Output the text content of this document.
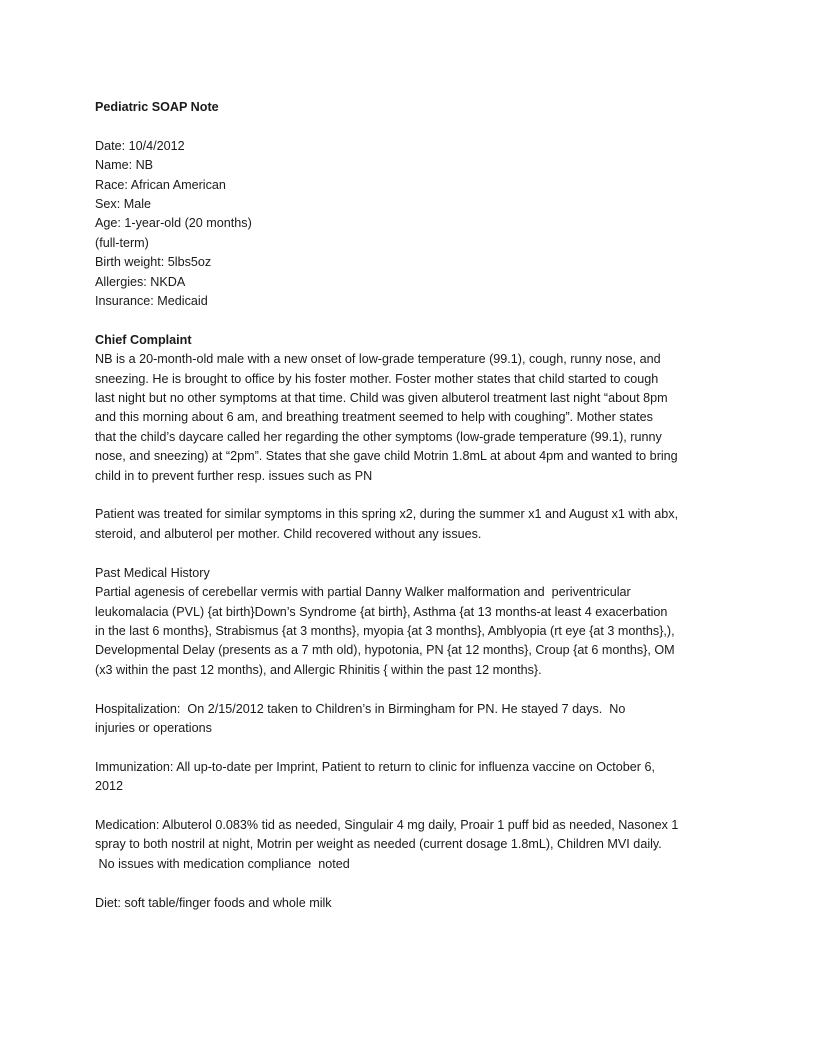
Pediatric SOAP Note
Date: 10/4/2012
Name: NB
Race: African American
Sex: Male
Age: 1-year-old (20 months)
(full-term)
Birth weight: 5lbs5oz
Allergies: NKDA
Insurance: Medicaid
Chief Complaint
NB is a 20-month-old male with a new onset of low-grade temperature (99.1), cough, runny nose, and
sneezing. He is brought to office by his foster mother. Foster mother states that child started to cough
last night but no other symptoms at that time. Child was given albuterol treatment last night “about 8pm
and this morning about 6 am, and breathing treatment seemed to help with coughing”. Mother states
that the child’s daycare called her regarding the other symptoms (low-grade temperature (99.1), runny
nose, and sneezing) at “2pm”. States that she gave child Motrin 1.8mL at about 4pm and wanted to bring
child in to prevent further resp. issues such as PN
Patient was treated for similar symptoms in this spring x2, during the summer x1 and August x1 with abx,
steroid, and albuterol per mother. Child recovered without any issues.
Past Medical History
Partial agenesis of cerebellar vermis with partial Danny Walker malformation and  periventricular
leukomalacia (PVL) {at birth}Down’s Syndrome {at birth}, Asthma {at 13 months-at least 4 exacerbation
in the last 6 months}, Strabismus {at 3 months}, myopia {at 3 months}, Amblyopia (rt eye {at 3 months},),
Developmental Delay (presents as a 7 mth old), hypotonia, PN {at 12 months}, Croup {at 6 months}, OM
(x3 within the past 12 months), and Allergic Rhinitis { within the past 12 months}.
Hospitalization:  On 2/15/2012 taken to Children’s in Birmingham for PN. He stayed 7 days.  No
injuries or operations
Immunization: All up-to-date per Imprint, Patient to return to clinic for influenza vaccine on October 6,
2012
Medication: Albuterol 0.083% tid as needed, Singulair 4 mg daily, Proair 1 puff bid as needed, Nasonex 1
spray to both nostril at night, Motrin per weight as needed (current dosage 1.8mL), Children MVI daily.
No issues with medication compliance  noted
Diet: soft table/finger foods and whole milk
